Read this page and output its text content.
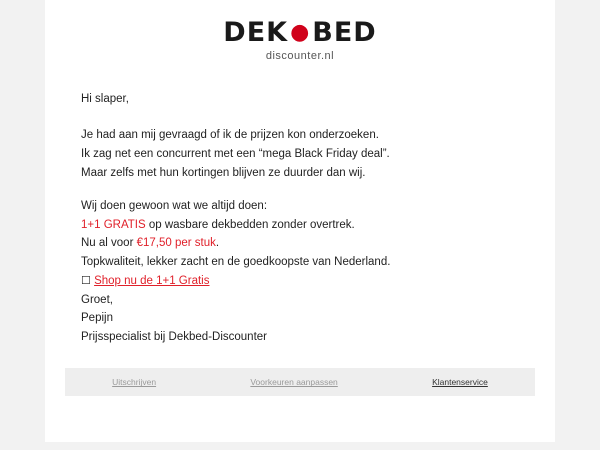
DEK●BED
discounter.nl

Hi slaper,

Je had aan mij gevraagd of ik de prijzen kon onderzoeken.
Ik zag net een concurrent met een “mega Black Friday deal”.
Maar zelfs met hun kortingen blijven ze duurder dan wij.

Wij doen gewoon wat we altijd doen:
1+1 GRATIS op wasbare dekbedden zonder overtrek.
Nu al voor €17,50 per stuk.
Topkwaliteit, lekker zacht en de goedkoopste van Nederland.
☐ Shop nu de 1+1 Gratis
Groet,
Pepijn
Prijsspecialist bij Dekbed-Discounter

Uitschrijven	Voorkeuren aanpassen	Klantenservice
